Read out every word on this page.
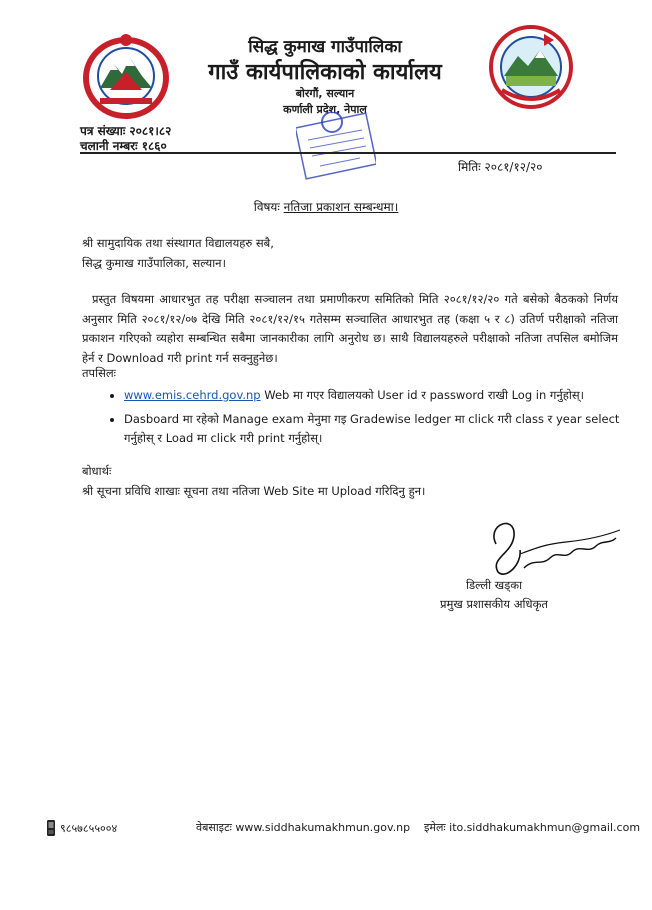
सिद्ध कुमाख गाउँपालिका
गाउँ कार्यपालिकाको कार्यालय
बोरगौं, सल्यान
कर्णाली प्रदेश, नेपाल
पत्र संख्याः २०८१।८२
चलानी नम्बरः १८६०
मितिः २०८१/१२/२०
विषयः नतिजा प्रकाशन सम्बन्धमा।
श्री सामुदायिक तथा संस्थागत विद्यालयहरु सबै,
सिद्ध कुमाख गाउँपालिका, सल्यान।
प्रस्तुत विषयमा आधारभुत तह परीक्षा सञ्चालन तथा प्रमाणीकरण समितिको मिति २०८१/१२/२० गते बसेको बैठकको निर्णय अनुसार मिति २०८१/१२/०७ देखि मिति २०८१/१२/१५ गतेसम्म सञ्चालित आधारभुत तह (कक्षा ५ र ८) उतिर्ण परीक्षाको नतिजा प्रकाशन गरिएको व्यहोरा सम्बन्धित सबैमा जानकारीका लागि अनुरोध छ। साथै विद्यालयहरुले परीक्षाको नतिजा तपसिल बमोजिम हेर्न र Download गरी print गर्न सक्नुहुनेछ।
तपसिलः
• www.emis.cehrd.gov.np Web मा गएर विद्यालयको User id र password राखी Log in गर्नुहोस्।
• Dasboard मा रहेको Manage exam मेनुमा गइ Gradewise ledger मा click गरी class र year select गर्नुहोस् र Load मा click गरी print गर्नुहोस्।
बोधार्थः
श्री सूचना प्रविधि शाखाः सूचना तथा नतिजा Web Site मा Upload गरिदिनु हुन।
डिल्ली खड्का
प्रमुख प्रशासकीय अधिकृत
९८५७८५५००४	वेबसाइटः www.siddhakumakhmun.gov.np इमेलः ito.siddhakumakhmun@gmail.com
